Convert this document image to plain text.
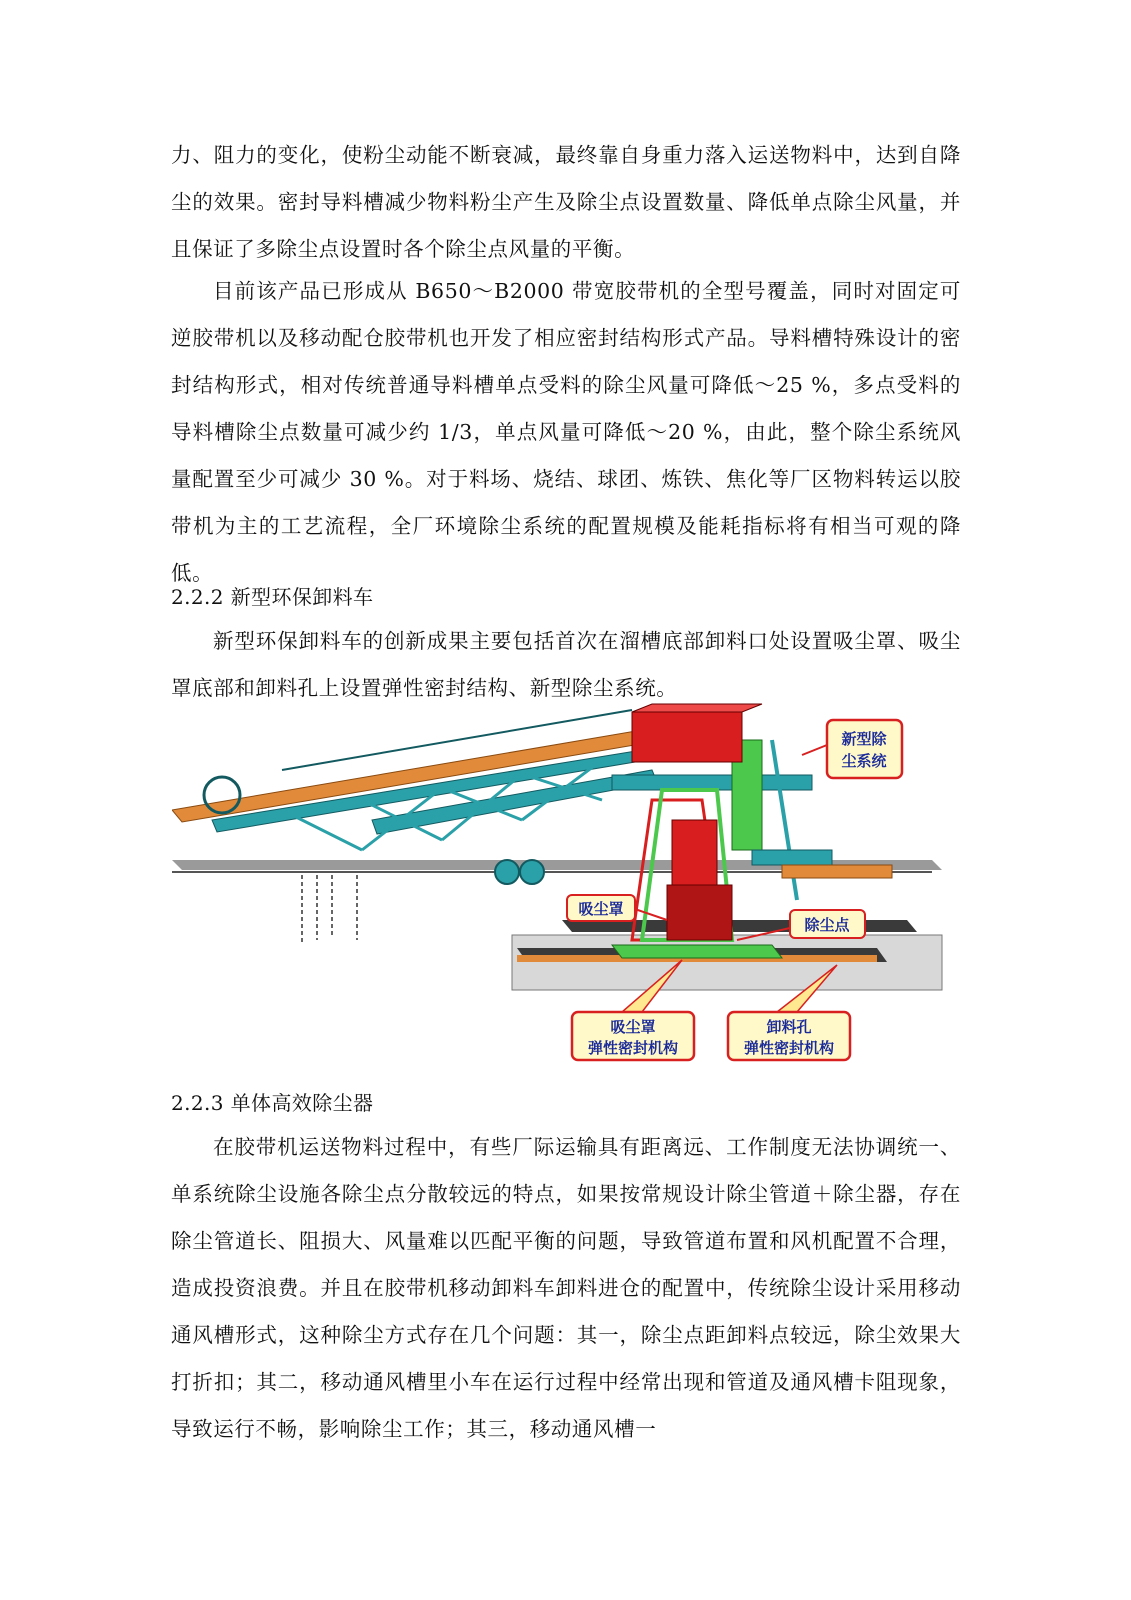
力、阻力的变化，使粉尘动能不断衰减，最终靠自身重力落入运送物料中，达到自降尘的效果。密封导料槽减少物料粉尘产生及除尘点设置数量、降低单点除尘风量，并且保证了多除尘点设置时各个除尘点风量的平衡。

目前该产品已形成从 B650～B2000 带宽胶带机的全型号覆盖，同时对固定可逆胶带机以及移动配仓胶带机也开发了相应密封结构形式产品。导料槽特殊设计的密封结构形式，相对传统普通导料槽单点受料的除尘风量可降低～25 %，多点受料的导料槽除尘点数量可减少约 1/3，单点风量可降低～20 %，由此，整个除尘系统风量配置至少可减少 30 %。对于料场、烧结、球团、炼铁、焦化等厂区物料转运以胶带机为主的工艺流程，全厂环境除尘系统的配置规模及能耗指标将有相当可观的降低。

2.2.2 新型环保卸料车

新型环保卸料车的创新成果主要包括首次在溜槽底部卸料口处设置吸尘罩、吸尘罩底部和卸料孔上设置弹性密封结构、新型除尘系统。

新型除
尘系统
吸尘罩
除尘点
吸尘罩
弹性密封机构
卸料孔
弹性密封机构

2.2.3 单体高效除尘器

在胶带机运送物料过程中，有些厂际运输具有距离远、工作制度无法协调统一、单系统除尘设施各除尘点分散较远的特点，如果按常规设计除尘管道＋除尘器，存在除尘管道长、阻损大、风量难以匹配平衡的问题，导致管道布置和风机配置不合理，造成投资浪费。并且在胶带机移动卸料车卸料进仓的配置中，传统除尘设计采用移动通风槽形式，这种除尘方式存在几个问题：其一，除尘点距卸料点较远，除尘效果大打折扣；其二，移动通风槽里小车在运行过程中经常出现和管道及通风槽卡阻现象，导致运行不畅，影响除尘工作；其三，移动通风槽一
